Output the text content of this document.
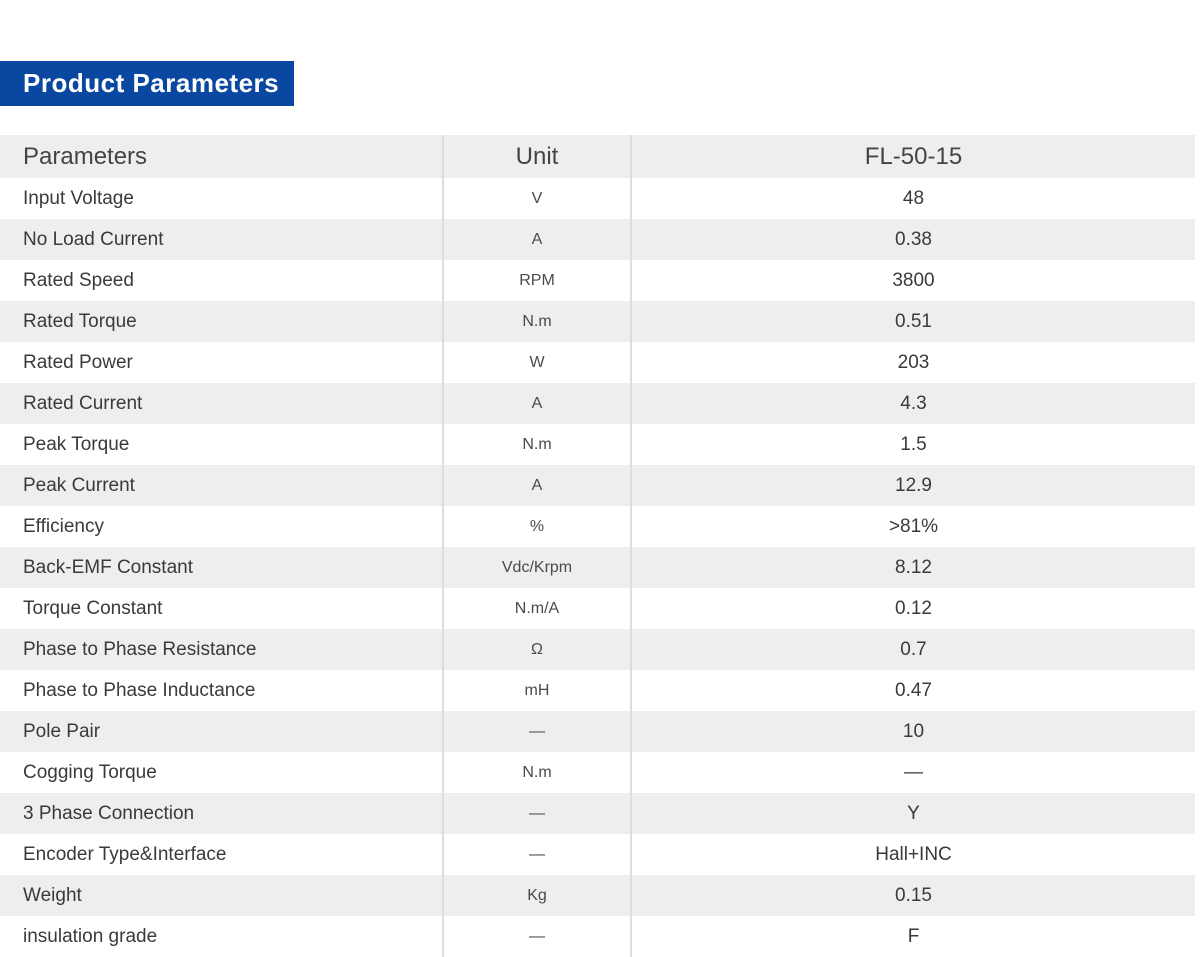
Product Parameters
Parameters	Unit	FL-50-15
Input Voltage	V	48
No Load Current	A	0.38
Rated Speed	RPM	3800
Rated Torque	N.m	0.51
Rated Power	W	203
Rated Current	A	4.3
Peak Torque	N.m	1.5
Peak Current	A	12.9
Efficiency	%	>81%
Back-EMF Constant	Vdc/Krpm	8.12
Torque Constant	N.m/A	0.12
Phase to Phase Resistance	Ω	0.7
Phase to Phase Inductance	mH	0.47
Pole Pair	—	10
Cogging Torque	N.m	—
3 Phase Connection	—	Y
Encoder Type&Interface	—	Hall+INC
Weight	Kg	0.15
insulation grade	—	F
